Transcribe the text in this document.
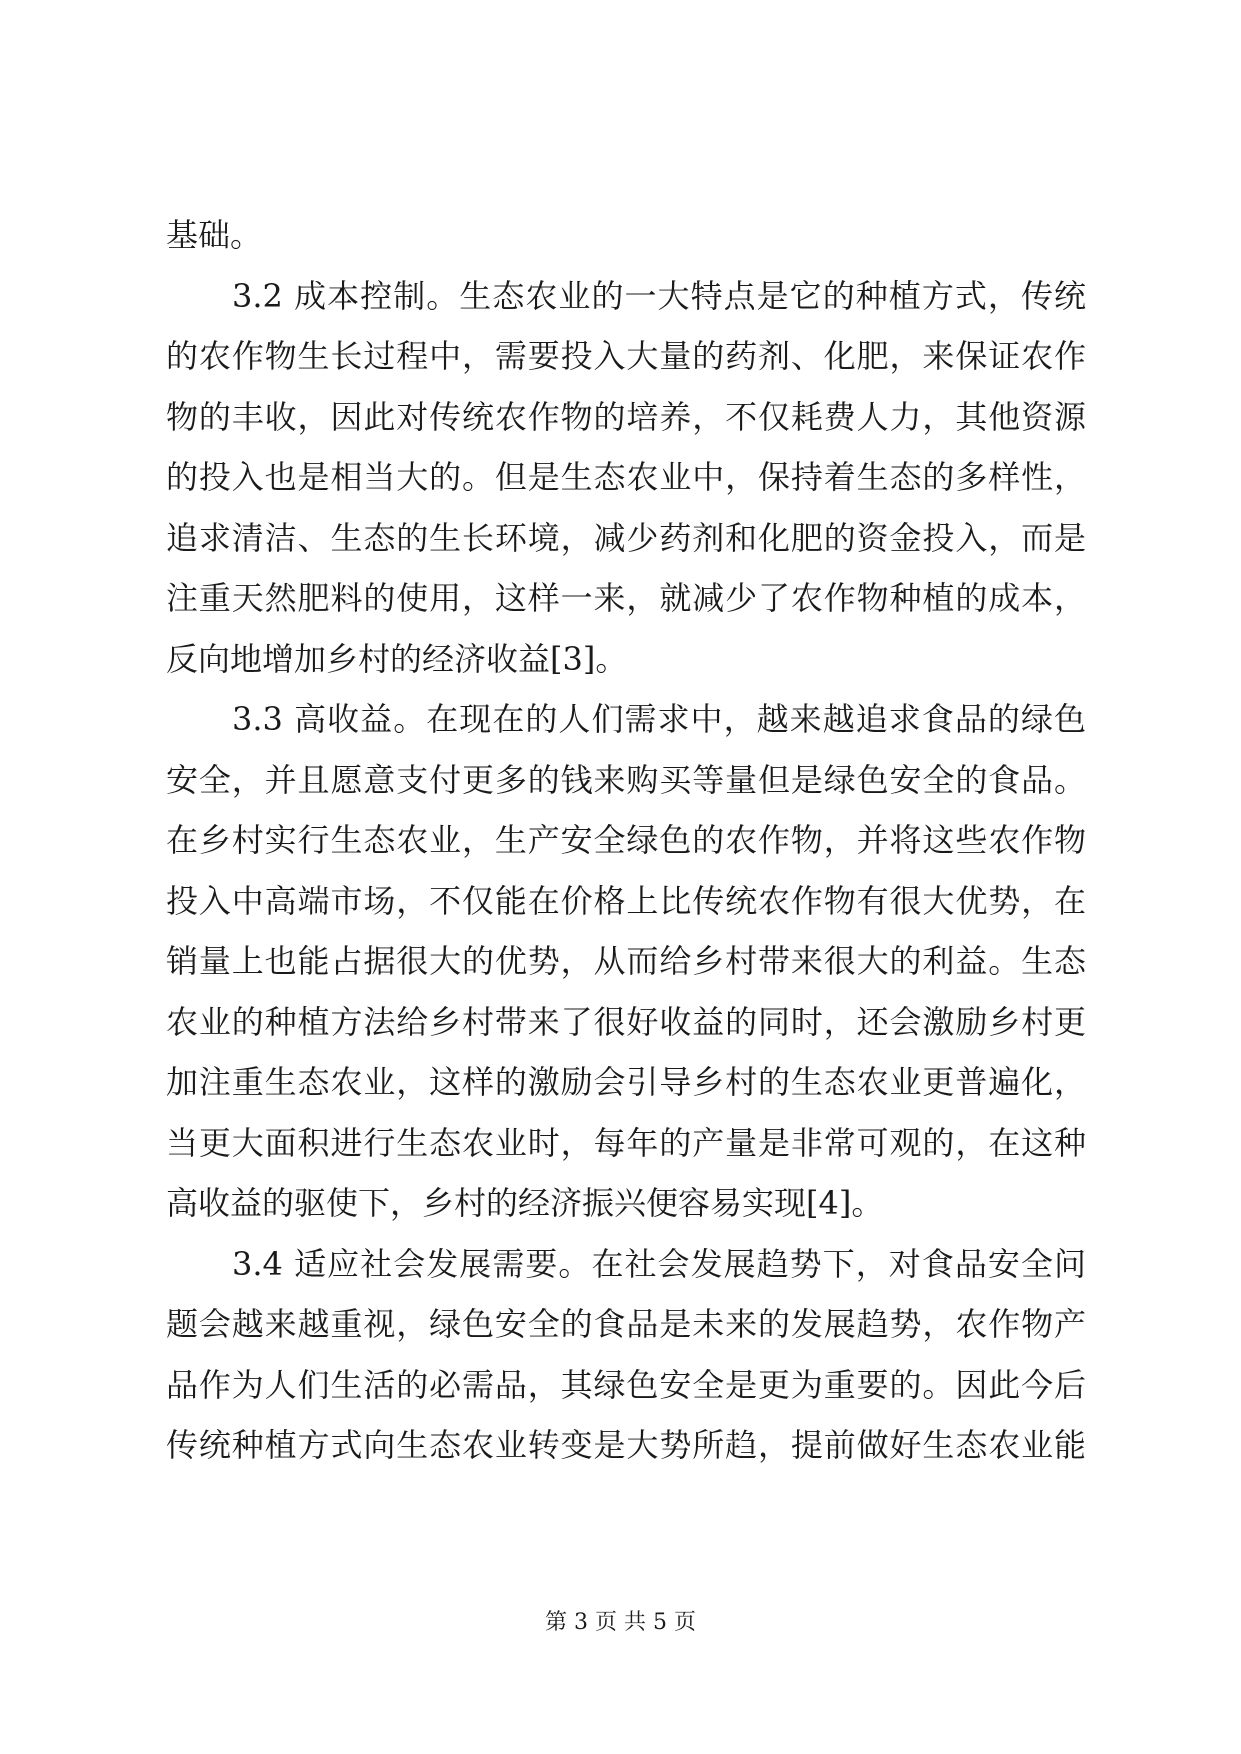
基础。
3.2 成本控制。生态农业的一大特点是它的种植方式，传统
的农作物生长过程中，需要投入大量的药剂、化肥，来保证农作
物的丰收，因此对传统农作物的培养，不仅耗费人力，其他资源
的投入也是相当大的。但是生态农业中，保持着生态的多样性，
追求清洁、生态的生长环境，减少药剂和化肥的资金投入，而是
注重天然肥料的使用，这样一来，就减少了农作物种植的成本，
反向地增加乡村的经济收益[3]。
3.3 高收益。在现在的人们需求中，越来越追求食品的绿色
安全，并且愿意支付更多的钱来购买等量但是绿色安全的食品。
在乡村实行生态农业，生产安全绿色的农作物，并将这些农作物
投入中高端市场，不仅能在价格上比传统农作物有很大优势，在
销量上也能占据很大的优势，从而给乡村带来很大的利益。生态
农业的种植方法给乡村带来了很好收益的同时，还会激励乡村更
加注重生态农业，这样的激励会引导乡村的生态农业更普遍化，
当更大面积进行生态农业时，每年的产量是非常可观的，在这种
高收益的驱使下，乡村的经济振兴便容易实现[4]。
3.4 适应社会发展需要。在社会发展趋势下，对食品安全问
题会越来越重视，绿色安全的食品是未来的发展趋势，农作物产
品作为人们生活的必需品，其绿色安全是更为重要的。因此今后
传统种植方式向生态农业转变是大势所趋，提前做好生态农业能
第 3 页 共 5 页
